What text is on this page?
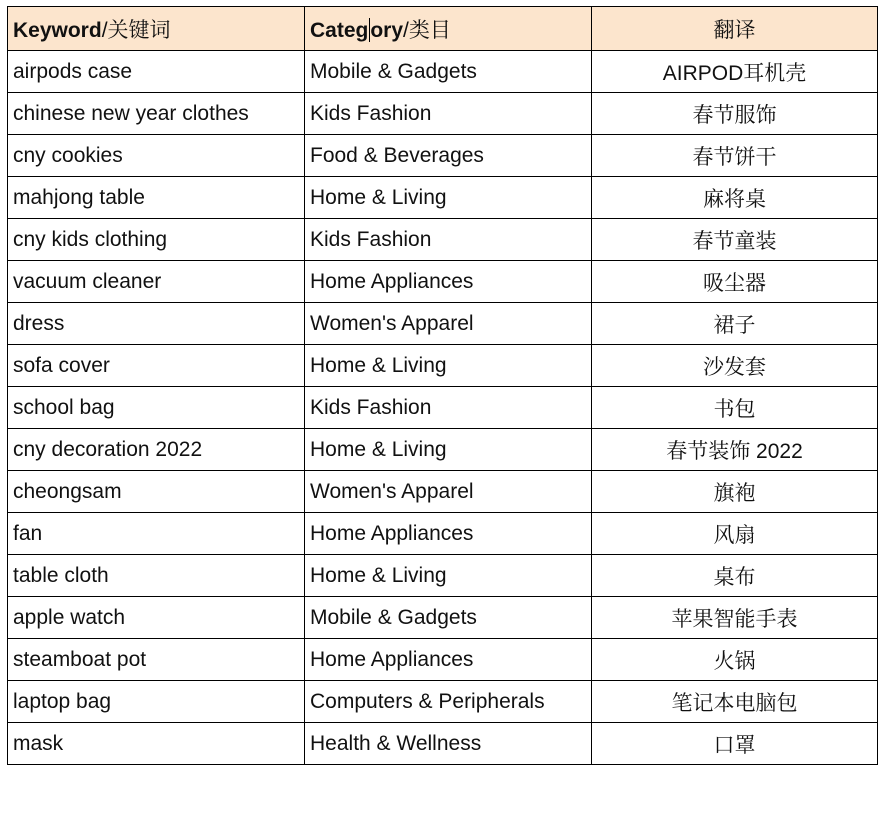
Keyword/关键词	Category/类目	翻译
airpods case	Mobile & Gadgets	AIRPOD耳机壳
chinese new year clothes	Kids Fashion	春节服饰
cny cookies	Food & Beverages	春节饼干
mahjong table	Home & Living	麻将桌
cny kids clothing	Kids Fashion	春节童装
vacuum cleaner	Home Appliances	吸尘器
dress	Women's Apparel	裙子
sofa cover	Home & Living	沙发套
school bag	Kids Fashion	书包
cny decoration 2022	Home & Living	春节装饰 2022
cheongsam	Women's Apparel	旗袍
fan	Home Appliances	风扇
table cloth	Home & Living	桌布
apple watch	Mobile & Gadgets	苹果智能手表
steamboat pot	Home Appliances	火锅
laptop bag	Computers & Peripherals	笔记本电脑包
mask	Health & Wellness	口罩
